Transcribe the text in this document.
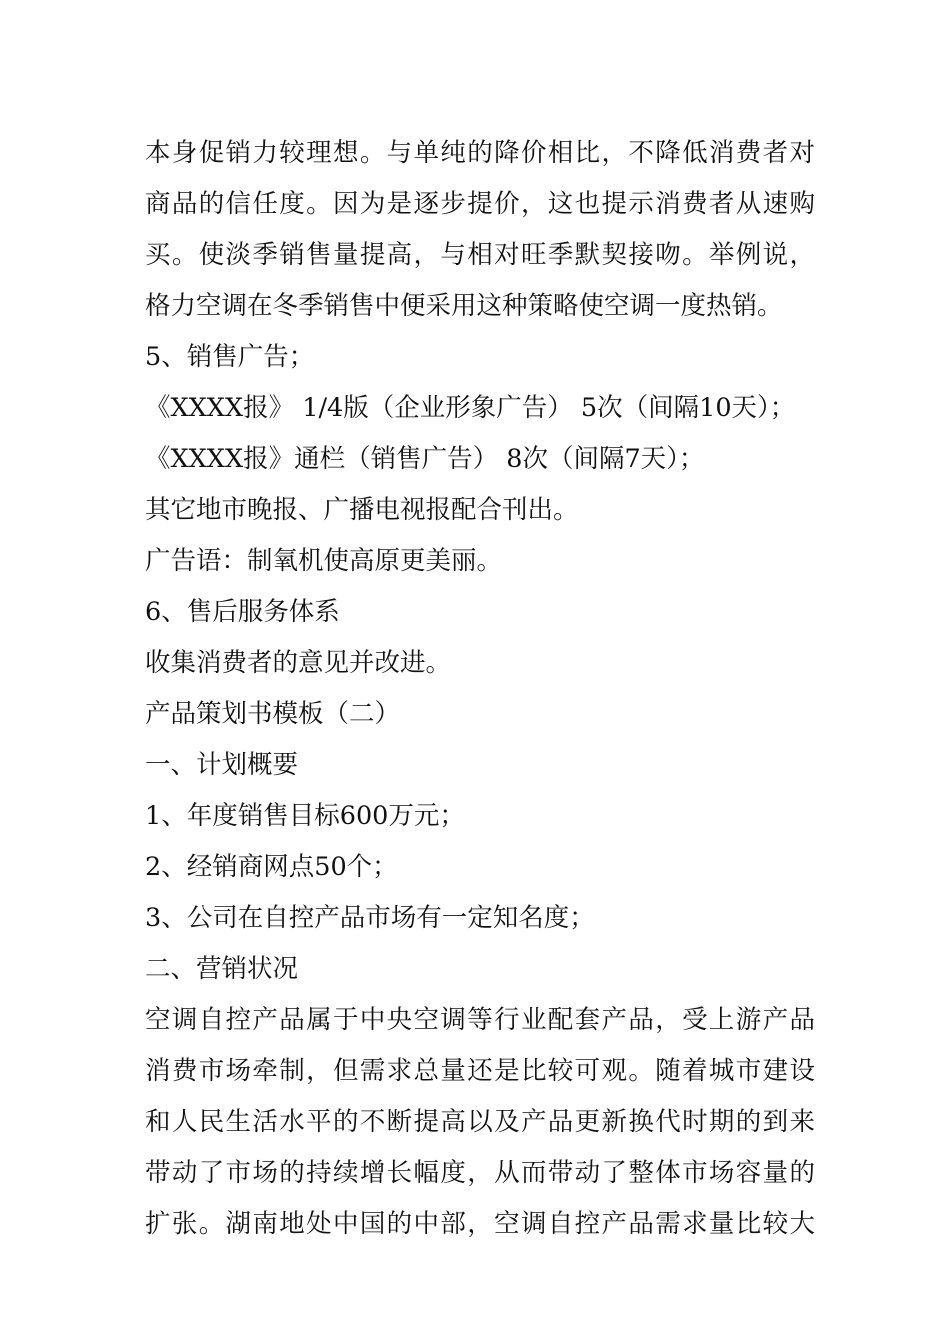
本身促销力较理想。与单纯的降价相比，不降低消费者对
商品的信任度。因为是逐步提价，这也提示消费者从速购
买。使淡季销售量提高，与相对旺季默契接吻。举例说，
格力空调在冬季销售中便采用这种策略使空调一度热销。
5、销售广告；
《XXXX报》 1/4版（企业形象广告） 5次（间隔10天）；
《XXXX报》通栏（销售广告） 8次（间隔7天）；
其它地市晚报、广播电视报配合刊出。
广告语：制氧机使高原更美丽。
6、售后服务体系
收集消费者的意见并改进。
产品策划书模板（二）
一、计划概要
1、年度销售目标600万元；
2、经销商网点50个；
3、公司在自控产品市场有一定知名度；
二、营销状况
空调自控产品属于中央空调等行业配套产品，受上游产品
消费市场牵制，但需求总量还是比较可观。随着城市建设
和人民生活水平的不断提高以及产品更新换代时期的到来
带动了市场的持续增长幅度，从而带动了整体市场容量的
扩张。湖南地处中国的中部，空调自控产品需求量比较大
